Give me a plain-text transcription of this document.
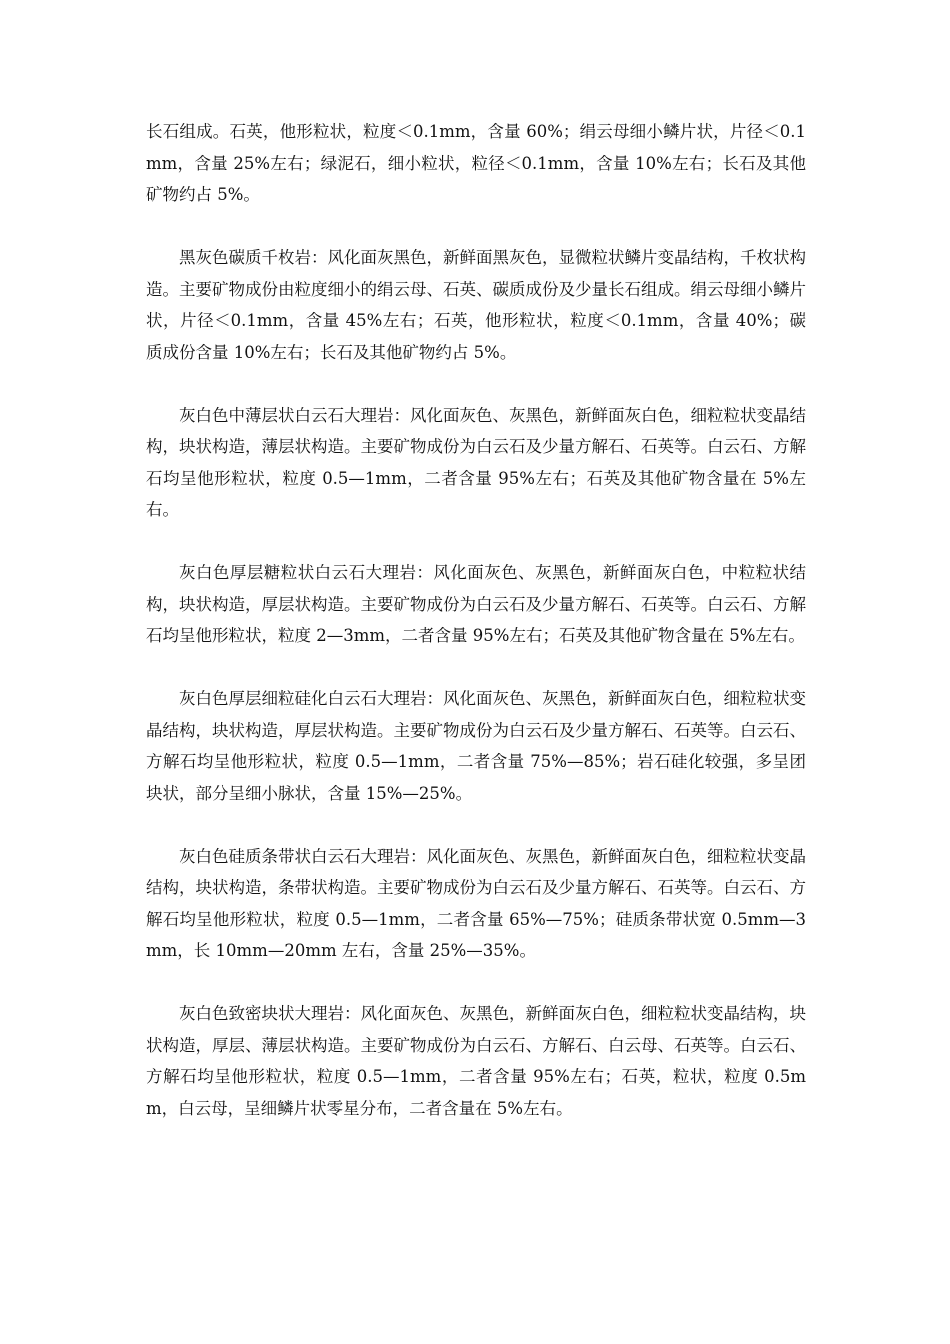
长石组成。石英，他形粒状，粒度＜0.1mm，含量 60%；绢云母细小鳞片状，片径＜0.1mm，含量 25%左右；绿泥石，细小粒状，粒径＜0.1mm，含量 10%左右；长石及其他矿物约占 5%。

黑灰色碳质千枚岩：风化面灰黑色，新鲜面黑灰色，显微粒状鳞片变晶结构，千枚状构造。主要矿物成份由粒度细小的绢云母、石英、碳质成份及少量长石组成。绢云母细小鳞片状，片径＜0.1mm，含量 45%左右；石英，他形粒状，粒度＜0.1mm，含量 40%；碳质成份含量 10%左右；长石及其他矿物约占 5%。

灰白色中薄层状白云石大理岩：风化面灰色、灰黑色，新鲜面灰白色，细粒粒状变晶结构，块状构造，薄层状构造。主要矿物成份为白云石及少量方解石、石英等。白云石、方解石均呈他形粒状，粒度 0.5—1mm，二者含量 95%左右；石英及其他矿物含量在 5%左右。

灰白色厚层糖粒状白云石大理岩：风化面灰色、灰黑色，新鲜面灰白色，中粒粒状结构，块状构造，厚层状构造。主要矿物成份为白云石及少量方解石、石英等。白云石、方解石均呈他形粒状，粒度 2—3mm，二者含量 95%左右；石英及其他矿物含量在 5%左右。

灰白色厚层细粒硅化白云石大理岩：风化面灰色、灰黑色，新鲜面灰白色，细粒粒状变晶结构，块状构造，厚层状构造。主要矿物成份为白云石及少量方解石、石英等。白云石、方解石均呈他形粒状，粒度 0.5—1mm，二者含量 75%—85%；岩石硅化较强，多呈团块状，部分呈细小脉状，含量 15%—25%。

灰白色硅质条带状白云石大理岩：风化面灰色、灰黑色，新鲜面灰白色，细粒粒状变晶结构，块状构造，条带状构造。主要矿物成份为白云石及少量方解石、石英等。白云石、方解石均呈他形粒状，粒度 0.5—1mm，二者含量 65%—75%；硅质条带状宽 0.5mm—3mm，长 10mm—20mm 左右，含量 25%—35%。

灰白色致密块状大理岩：风化面灰色、灰黑色，新鲜面灰白色，细粒粒状变晶结构，块状构造，厚层、薄层状构造。主要矿物成份为白云石、方解石、白云母、石英等。白云石、方解石均呈他形粒状，粒度 0.5—1mm，二者含量 95%左右；石英，粒状，粒度 0.5mm，白云母，呈细鳞片状零星分布，二者含量在 5%左右。
